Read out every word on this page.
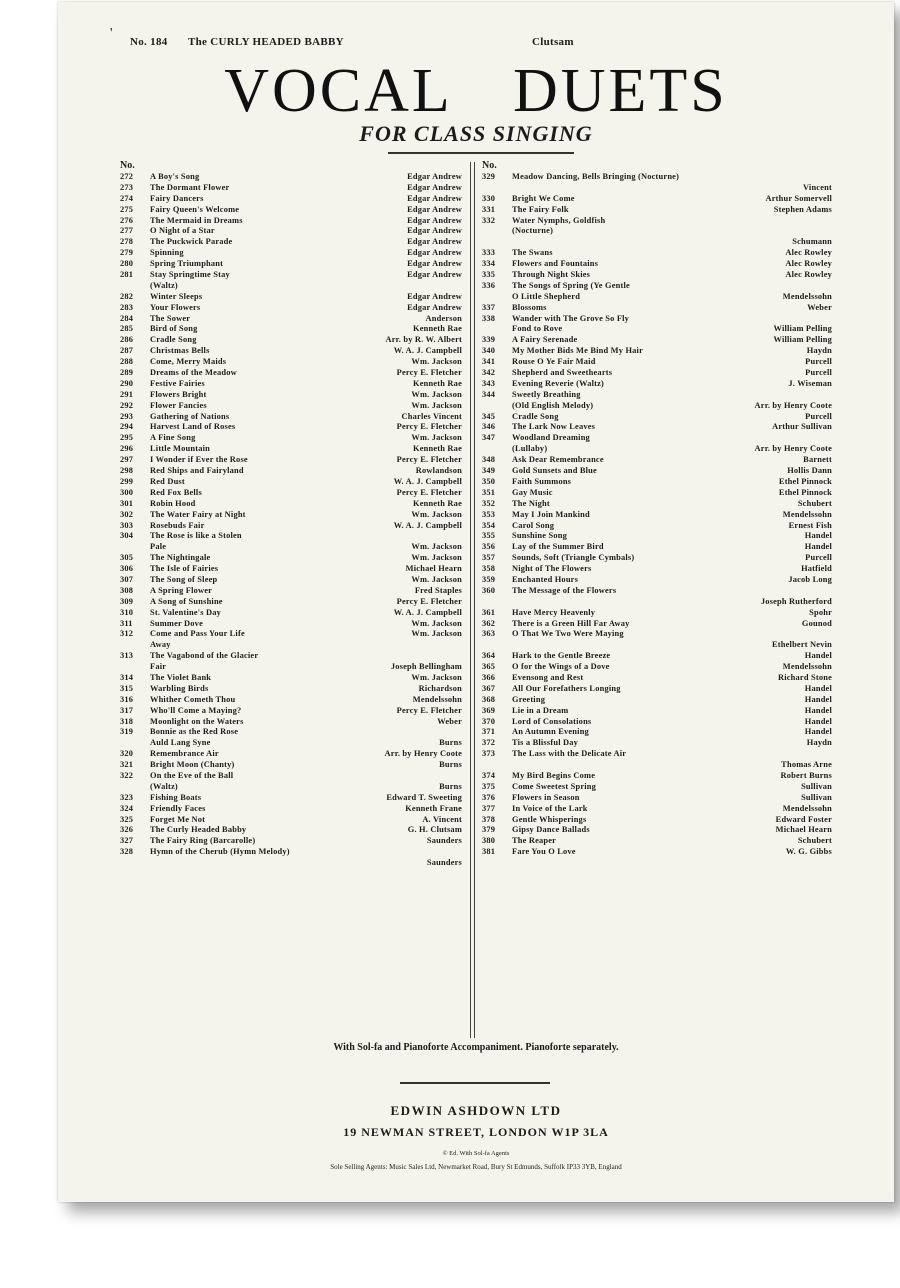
'
No. 184 The CURLY HEADED BABBY	Clutsam
VOCAL DUETS
FOR CLASS SINGING
No.
272	A Boy's Song	Edgar Andrew
273	The Dormant Flower	Edgar Andrew
274	Fairy Dancers	Edgar Andrew
275	Fairy Queen's Welcome	Edgar Andrew
276	The Mermaid in Dreams	Edgar Andrew
277	O Night of a Star	Edgar Andrew
278	The Puckwick Parade	Edgar Andrew
279	Spinning	Edgar Andrew
280	Spring Triumphant	Edgar Andrew
281	Stay Springtime Stay	Edgar Andrew
(Waltz)
282	Winter Sleeps	Edgar Andrew
283	Your Flowers	Edgar Andrew
284	The Sower	Anderson
285	Bird of Song	Kenneth Rae
286	Cradle Song	Arr. by R. W. Albert
287	Christmas Bells	W. A. J. Campbell
288	Come, Merry Maids	Wm. Jackson
289	Dreams of the Meadow	Percy E. Fletcher
290	Festive Fairies	Kenneth Rae
291	Flowers Bright	Wm. Jackson
292	Flower Fancies	Wm. Jackson
293	Gathering of Nations	Charles Vincent
294	Harvest Land of Roses	Percy E. Fletcher
295	A Fine Song	Wm. Jackson
296	Little Mountain	Kenneth Rae
297	I Wonder if Ever the Rose	Percy E. Fletcher
298	Red Ships and Fairyland	Rowlandson
299	Red Dust	W. A. J. Campbell
300	Red Fox Bells	Percy E. Fletcher
301	Robin Hood	Kenneth Rae
302	The Water Fairy at Night	Wm. Jackson
303	Rosebuds Fair	W. A. J. Campbell
304	The Rose is like a Stolen
Pale	Wm. Jackson
305	The Nightingale	Wm. Jackson
306	The Isle of Fairies	Michael Hearn
307	The Song of Sleep	Wm. Jackson
308	A Spring Flower	Fred Staples
309	A Song of Sunshine	Percy E. Fletcher
310	St. Valentine's Day	W. A. J. Campbell
311	Summer Dove	Wm. Jackson
312	Come and Pass Your Life	Wm. Jackson
Away
313	The Vagabond of the Glacier
Fair	Joseph Bellingham
314	The Violet Bank	Wm. Jackson
315	Warbling Birds	Richardson
316	Whither Cometh Thou	Mendelssohn
317	Who'll Come a Maying?	Percy E. Fletcher
318	Moonlight on the Waters	Weber
319	Bonnie as the Red Rose
Auld Lang Syne	Burns
320	Remembrance Air	Arr. by Henry Coote
321	Bright Moon (Chanty)	Burns
322	On the Eve of the Ball
(Waltz)	Burns
323	Fishing Boats	Edward T. Sweeting
324	Friendly Faces	Kenneth Frane
325	Forget Me Not	A. Vincent
326	The Curly Headed Babby	G. H. Clutsam
327	The Fairy Ring (Barcarolle)	Saunders
328	Hymn of the Cherub (Hymn Melody)
Saunders
No.
329	Meadow Dancing, Bells Bringing (Nocturne)
Vincent
330	Bright We Come	Arthur Somervell
331	The Fairy Folk	Stephen Adams
332	Water Nymphs, Goldfish
(Nocturne)
Schumann
333	The Swans	Alec Rowley
334	Flowers and Fountains	Alec Rowley
335	Through Night Skies	Alec Rowley
336	The Songs of Spring (Ye Gentle
O Little Shepherd	Mendelssohn
337	Blossoms	Weber
338	Wander with The Grove So Fly
Fond to Rove	William Pelling
339	A Fairy Serenade	William Pelling
340	My Mother Bids Me Bind My Hair	Haydn
341	Rouse O Ye Fair Maid	Purcell
342	Shepherd and Sweethearts	Purcell
343	Evening Reverie (Waltz)	J. Wiseman
344	Sweetly Breathing
(Old English Melody)	Arr. by Henry Coote
345	Cradle Song	Purcell
346	The Lark Now Leaves	Arthur Sullivan
347	Woodland Dreaming
(Lullaby)	Arr. by Henry Coote
348	Ask Dear Remembrance	Barnett
349	Gold Sunsets and Blue	Hollis Dann
350	Faith Summons	Ethel Pinnock
351	Gay Music	Ethel Pinnock
352	The Night	Schubert
353	May I Join Mankind	Mendelssohn
354	Carol Song	Ernest Fish
355	Sunshine Song	Handel
356	Lay of the Summer Bird	Handel
357	Sounds, Soft (Triangle Cymbals)	Purcell
358	Night of The Flowers	Hatfield
359	Enchanted Hours	Jacob Long
360	The Message of the Flowers
Joseph Rutherford
361	Have Mercy Heavenly	Spohr
362	There is a Green Hill Far Away	Gounod
363	O That We Two Were Maying
Ethelbert Nevin
364	Hark to the Gentle Breeze	Handel
365	O for the Wings of a Dove	Mendelssohn
366	Evensong and Rest	Richard Stone
367	All Our Forefathers Longing	Handel
368	Greeting	Handel
369	Lie in a Dream	Handel
370	Lord of Consolations	Handel
371	An Autumn Evening	Handel
372	Tis a Blissful Day	Haydn
373	The Lass with the Delicate Air
Thomas Arne
374	My Bird Begins Come	Robert Burns
375	Come Sweetest Spring	Sullivan
376	Flowers in Season	Sullivan
377	In Voice of the Lark	Mendelssohn
378	Gentle Whisperings	Edward Foster
379	Gipsy Dance Ballads	Michael Hearn
380	The Reaper	Schubert
381	Fare You O Love	W. G. Gibbs
With Sol-fa and Pianoforte Accompaniment. Pianoforte separately.
EDWIN ASHDOWN LTD
19 NEWMAN STREET, LONDON W1P 3LA
© Ed. With Sol-fa Agents
Sole Selling Agents: Music Sales Ltd, Newmarket Road, Bury St Edmunds, Suffolk IP33 3YB, England
